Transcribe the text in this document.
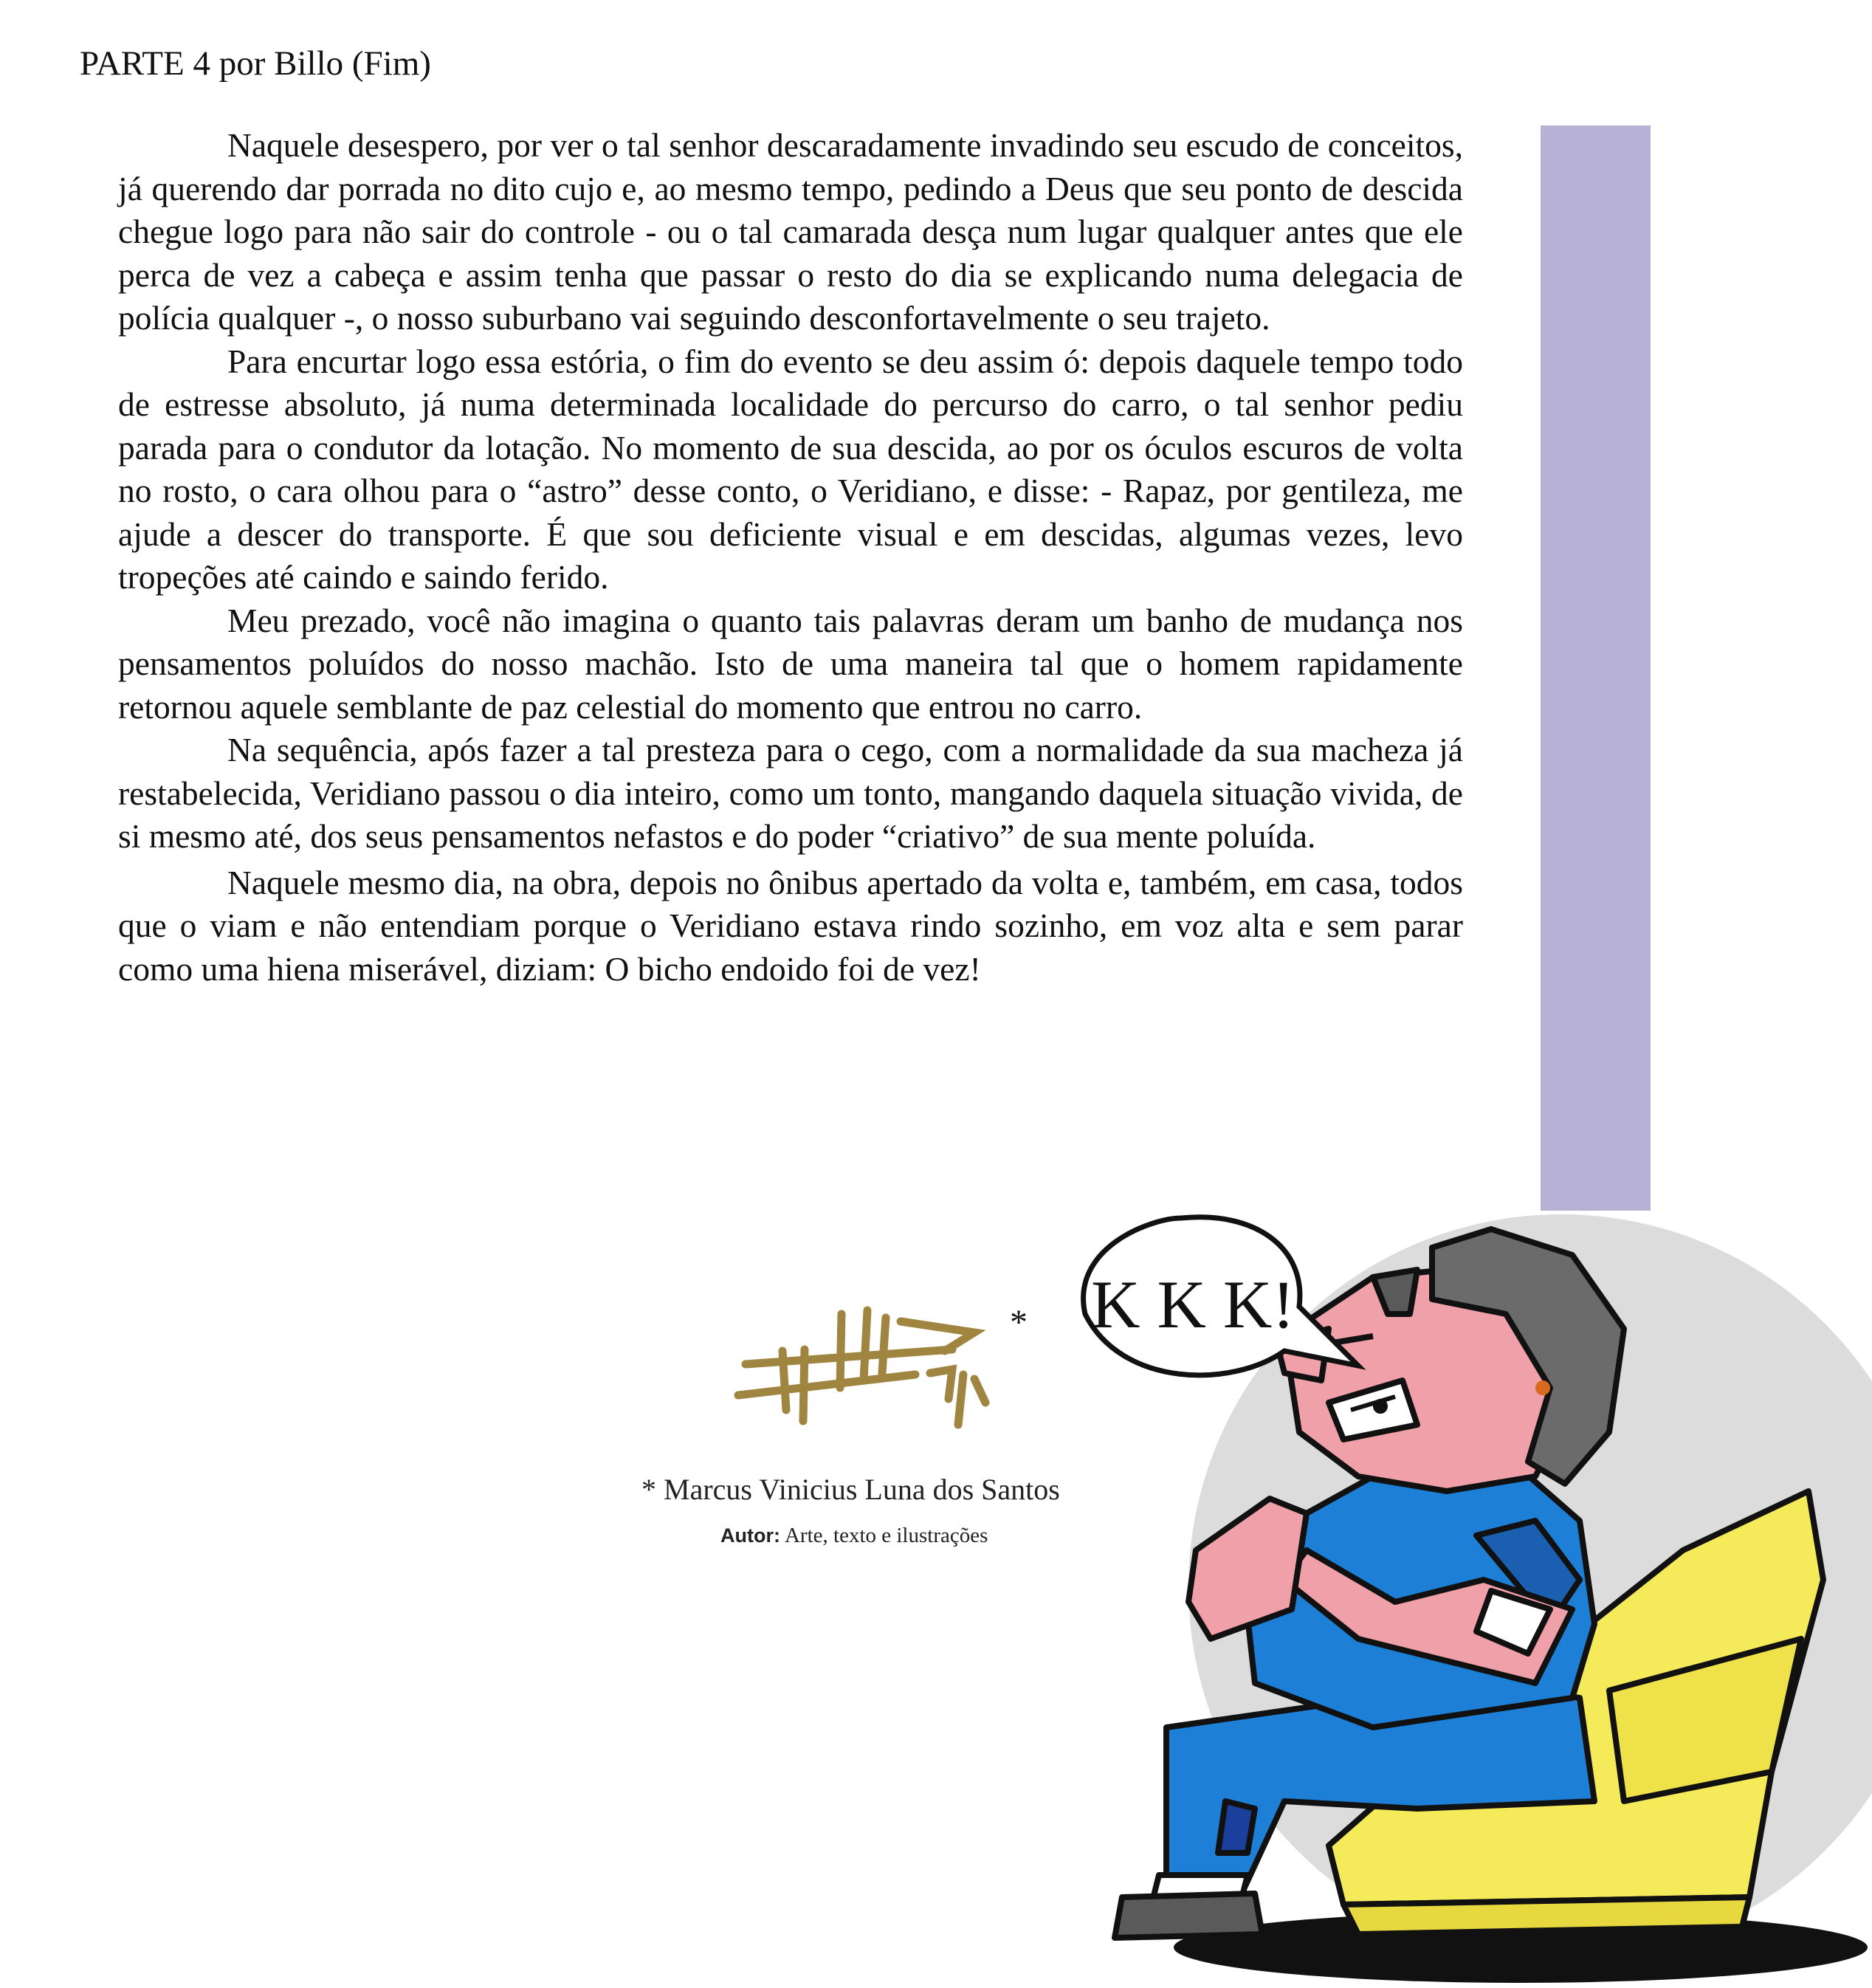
PARTE 4 por Billo (Fim)

Naquele desespero, por ver o tal senhor descaradamente invadindo seu escudo de conceitos, já querendo dar porrada no dito cujo e, ao mesmo tempo, pedindo a Deus que seu ponto de descida chegue logo para não sair do controle - ou o tal camarada desça num lugar qualquer antes que ele perca de vez a cabeça e assim tenha que passar o resto do dia se explicando numa delegacia de polícia qualquer -, o nosso suburbano vai seguindo desconfortavelmente o seu trajeto.

Para encurtar logo essa estória, o fim do evento se deu assim ó: depois daquele tempo todo de estresse absoluto, já numa determinada localidade do percurso do carro, o tal senhor pediu parada para o condutor da lotação. No momento de sua descida, ao por os óculos escuros de volta no rosto, o cara olhou para o “astro” desse conto, o Veridiano, e disse: - Rapaz, por gentileza, me ajude a descer do transporte. É que sou deficiente visual e em descidas, algumas vezes, levo tropeções até caindo e saindo ferido.

Meu prezado, você não imagina o quanto tais palavras deram um banho de mudança nos pensamentos poluídos do nosso machão. Isto de uma maneira tal que o homem rapidamente retornou aquele semblante de paz celestial do momento que entrou no carro.

Na sequência, após fazer a tal presteza para o cego, com a normalidade da sua macheza já restabelecida, Veridiano passou o dia inteiro, como um tonto, mangando daquela situação vivida, de si mesmo até, dos seus pensamentos nefastos e do poder “criativo” de sua mente poluída.

Naquele mesmo dia, na obra, depois no ônibus apertado da volta e, também, em casa, todos que o viam e não entendiam porque o Veridiano estava rindo sozinho, em voz alta e sem parar como uma hiena miserável, diziam: O bicho endoido foi de vez!

*
* Marcus Vinicius Luna dos Santos
Autor: Arte, texto e ilustrações
K K K!
